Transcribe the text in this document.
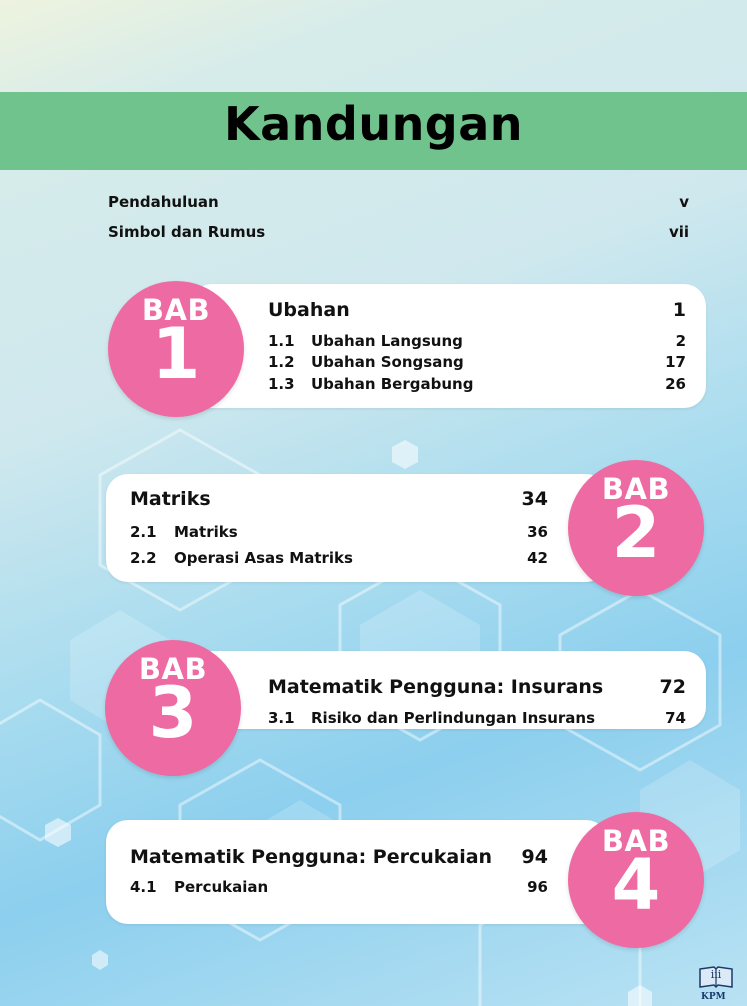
Kandungan
Pendahuluan	v
Simbol dan Rumus	vii
BAB
1
Ubahan	1
1.1 Ubahan Langsung	2
1.2 Ubahan Songsang	17
1.3 Ubahan Bergabung	26
BAB
2
Matriks	34
2.1 Matriks	36
2.2 Operasi Asas Matriks	42
BAB
3	Matematik Pengguna: Insurans	72
3.1 Risiko dan Perlindungan Insurans	74
BAB
4
Matematik Pengguna: Percukaian	94
4.1 Percukaian	96
iii
KPM
